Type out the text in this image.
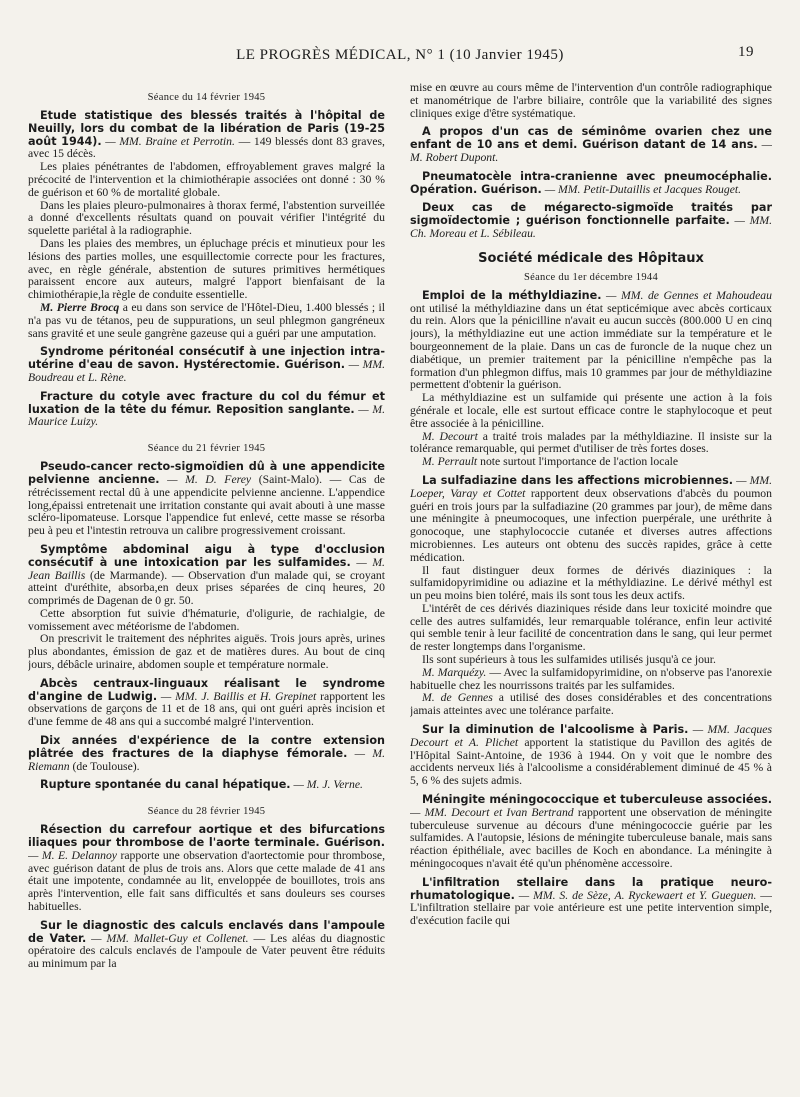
LE PROGRÈS MÉDICAL, N° 1 (10 Janvier 1945)	19
Séance du 14 février 1945

Etude statistique des blessés traités à l'hôpital de Neuilly, lors du combat de la libération de Paris (19-25 août 1944). — MM. Braine et Perrotin. — 149 blessés dont 83 graves, avec 15 décès.

Les plaies pénétrantes de l'abdomen, effroyablement graves malgré la précocité de l'intervention et la chimiothérapie associées ont donné : 30 % de guérison et 60 % de mortalité globale.

Dans les plaies pleuro-pulmonaires à thorax fermé, l'abstention surveillée a donné d'excellents résultats quand on pouvait vérifier l'intégrité du squelette pariétal à la radiographie.

Dans les plaies des membres, un épluchage précis et minutieux pour les lésions des parties molles, une esquillectomie correcte pour les fractures, avec, en règle générale, abstention de sutures primitives hermétiques paraissent encore aux auteurs, malgré l'apport bienfaisant de la chimiothérapie,la règle de conduite essentielle.

M. Pierre Brocq a eu dans son service de l'Hôtel-Dieu, 1.400 blessés ; il n'a pas vu de tétanos, peu de suppurations, un seul phlegmon gangréneux sans gravité et une seule gangrène gazeuse qui a guéri par une amputation.

Syndrome péritonéal consécutif à une injection intra-utérine d'eau de savon. Hystérectomie. Guérison. — MM. Boudreau et L. Rène.

Fracture du cotyle avec fracture du col du fémur et luxation de la tête du fémur. Reposition sanglante. — M. Maurice Luizy.

Séance du 21 février 1945

Pseudo-cancer recto-sigmoïdien dû à une appendicite pelvienne ancienne. — M. D. Ferey (Saint-Malo). — Cas de rétrécissement rectal dû à une appendicite pelvienne ancienne. L'appendice long,épaissi entretenait une irritation constante qui avait abouti à une masse scléro-lipomateuse. Lorsque l'appendice fut enlevé, cette masse se résorba peu à peu et l'intestin retrouva un calibre progressivement croissant.

Symptôme abdominal aigu à type d'occlusion consécutif à une intoxication par les sulfamides. — M. Jean Baillis (de Marmande). — Observation d'un malade qui, se croyant atteint d'uréthite, absorba,en deux prises séparées de cinq heures, 20 comprimés de Dagenan de 0 gr. 50.

Cette absorption fut suivie d'hématurie, d'oligurie, de rachialgie, de vomissement avec météorisme de l'abdomen.

On prescrivit le traitement des néphrites aiguës. Trois jours après, urines plus abondantes, émission de gaz et de matières dures. Au bout de cinq jours, débâcle urinaire, abdomen souple et température normale.

Abcès centraux-linguaux réalisant le syndrome d'angine de Ludwig. — MM. J. Baillis et H. Grepinet rapportent les observations de garçons de 11 et de 18 ans, qui ont guéri après incision et d'une femme de 48 ans qui a succombé malgré l'intervention.

Dix années d'expérience de la contre extension plâtrée des fractures de la diaphyse fémorale. — M. Riemann (de Toulouse).

Rupture spontanée du canal hépatique. — M. J. Verne.

Séance du 28 février 1945

Résection du carrefour aortique et des bifurcations iliaques pour thrombose de l'aorte terminale. Guérison. — M. E. Delannoy rapporte une observation d'aortectomie pour thrombose, avec guérison datant de plus de trois ans. Alors que cette malade de 41 ans était une impotente, condamnée au lit, enveloppée de bouillotes, trois ans après l'intervention, elle fait sans difficultés et sans douleurs ses courses habituelles.

Sur le diagnostic des calculs enclavés dans l'ampoule de Vater. — MM. Mallet-Guy et Collenet. — Les aléas du diagnostic opératoire des calculs enclavés de l'ampoule de Vater peuvent être réduits au minimum par la

mise en œuvre au cours même de l'intervention d'un contrôle radiographique et manométrique de l'arbre biliaire, contrôle que la variabilité des signes cliniques exige d'être systématique.

A propos d'un cas de séminôme ovarien chez une enfant de 10 ans et demi. Guérison datant de 14 ans. — M. Robert Dupont.

Pneumatocèle intra-cranienne avec pneumocéphalie. Opération. Guérison. — MM. Petit-Dutaillis et Jacques Rouget.

Deux cas de mégarecto-sigmoïde traités par sigmoïdectomie ; guérison fonctionnelle parfaite. — MM. Ch. Moreau et L. Sébileau.

Société médicale des Hôpitaux
Séance du 1er décembre 1944

Emploi de la méthyldiazine. — MM. de Gennes et Mahoudeau ont utilisé la méthyldiazine dans un état septicémique avec abcès corticaux du rein. Alors que la pénicilline n'avait eu aucun succès (800.000 U en cinq jours), la méthyldiazine eut une action immédiate sur la température et le bourgeonnement de la plaie. Dans un cas de furoncle de la nuque chez un diabétique, un premier traitement par la pénicilline n'empêche pas la formation d'un phlegmon diffus, mais 10 grammes par jour de méthyldiazine permettent d'obtenir la guérison.

La méthyldiazine est un sulfamide qui présente une action à la fois générale et locale, elle est surtout efficace contre le staphylocoque et peut être associée à la pénicilline.

M. Decourt a traité trois malades par la méthyldiazine. Il insiste sur la tolérance remarquable, qui permet d'utiliser de très fortes doses.

M. Perrault note surtout l'importance de l'action locale

La sulfadiazine dans les affections microbiennes. — MM. Loeper, Varay et Cottet rapportent deux observations d'abcès du poumon guéri en trois jours par la sulfadiazine (20 grammes par jour), de même dans une méningite à pneumocoques, une infection puerpérale, une uréthrite à gonocoque, une staphylococcie cutanée et diverses autres affections microbiennes. Les auteurs ont obtenu des succès rapides, grâce à cette médication.

Il faut distinguer deux formes de dérivés diaziniques : la sulfamidopyrimidine ou adiazine et la méthyldiazine. Le dérivé méthyl est un peu moins bien toléré, mais ils sont tous les deux actifs.

L'intérêt de ces dérivés diaziniques réside dans leur toxicité moindre que celle des autres sulfamidés, leur remarquable tolérance, enfin leur activité qui semble tenir à leur facilité de concentration dans le sang, qui leur permet de rester longtemps dans l'organisme.

Ils sont supérieurs à tous les sulfamides utilisés jusqu'à ce jour.

M. Marquézy. — Avec la sulfamidopyrimidine, on n'observe pas l'anorexie habituelle chez les nourrissons traités par les sulfamides.

M. de Gennes a utilisé des doses considérables et des concentrations jamais atteintes avec une tolérance parfaite.

Sur la diminution de l'alcoolisme à Paris. — MM. Jacques Decourt et A. Plichet apportent la statistique du Pavillon des agités de l'Hôpital Saint-Antoine, de 1936 à 1944. On y voit que le nombre des accidents nerveux liés à l'alcoolisme a considérablement diminué de 45 % à 5, 6 % des sujets admis.

Méningite méningococcique et tuberculeuse associées. — MM. Decourt et Ivan Bertrand rapportent une observation de méningite tuberculeuse survenue au décours d'une méningococcie guérie par les sulfamides. A l'autopsie, lésions de méningite tuberculeuse banale, mais sans réaction épithéliale, avec bacilles de Koch en abondance. La méningite à méningocoques n'avait été qu'un phénomène accessoire.

L'infiltration stellaire dans la pratique neuro-rhumatologique. — MM. S. de Sèze, A. Ryckewaert et Y. Gueguen. — L'infiltration stellaire par voie antérieure est une petite intervention simple, d'exécution facile qui
